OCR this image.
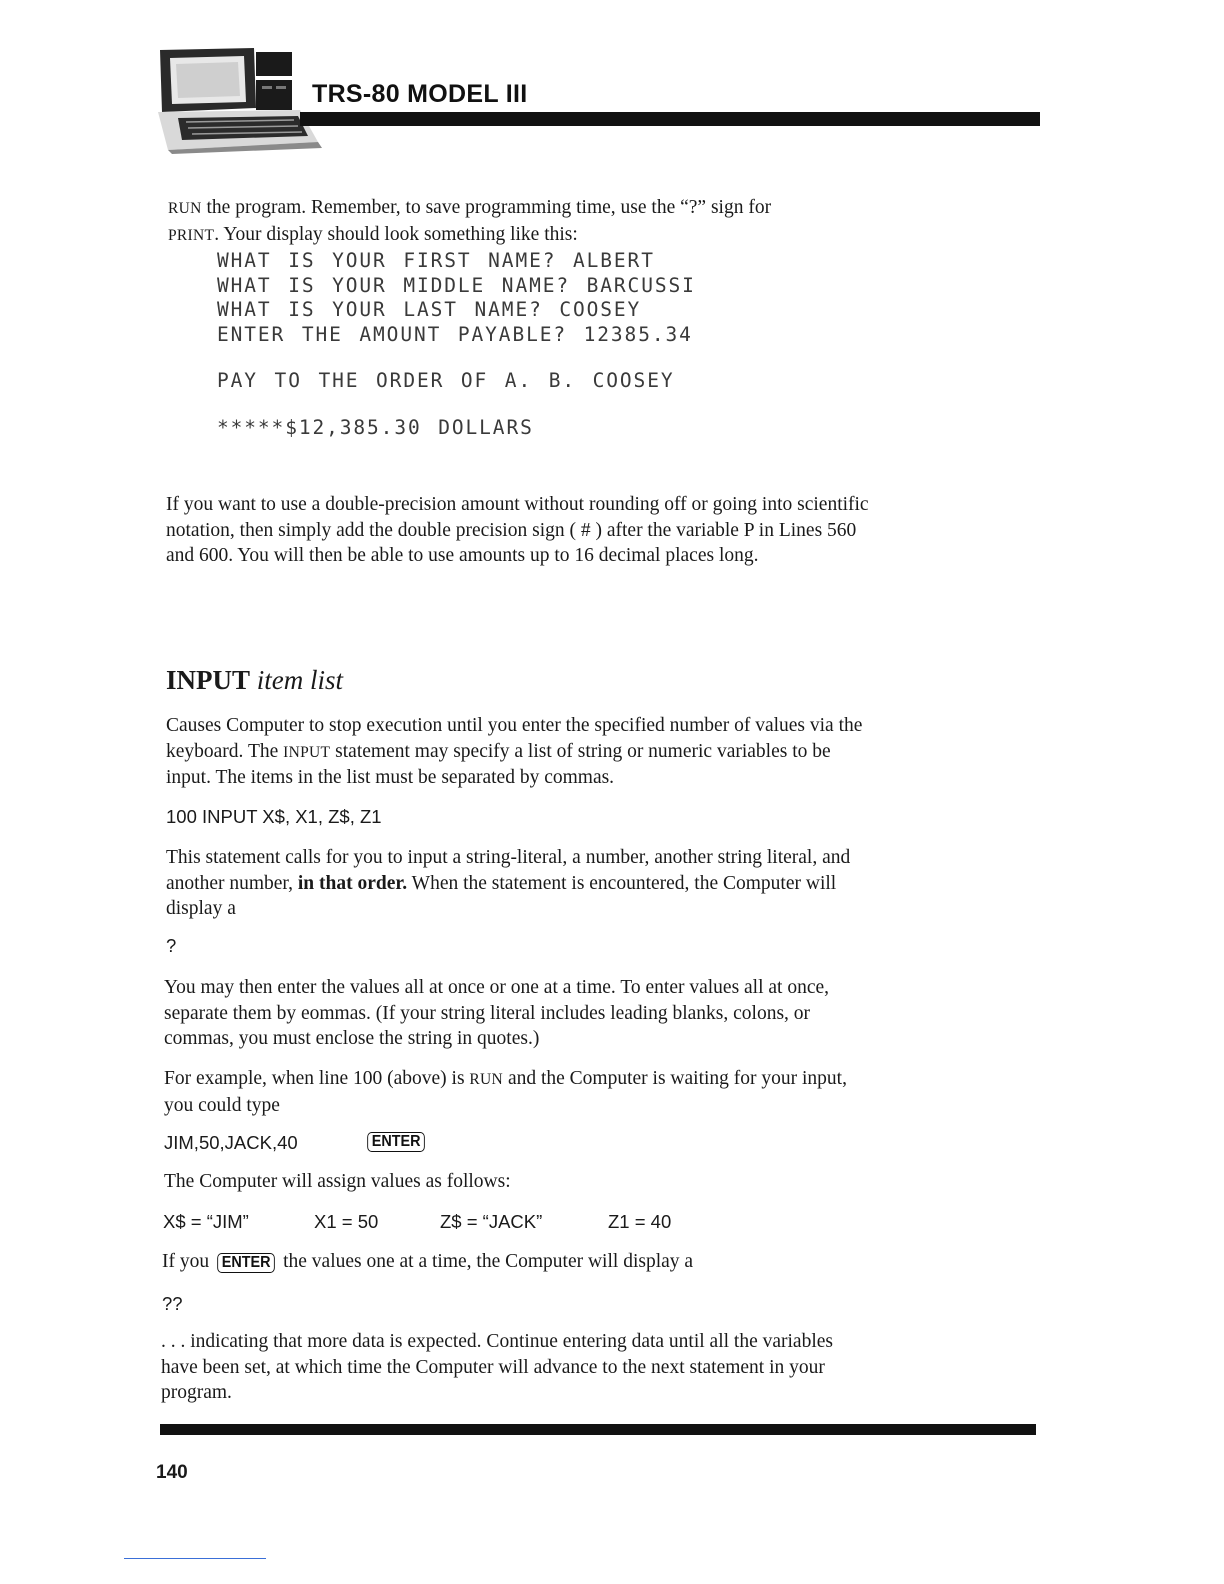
TRS-80 MODEL III

RUN the program. Remember, to save programming time, use the “?” sign for
PRINT. Your display should look something like this:

WHAT IS YOUR FIRST NAME? ALBERT
WHAT IS YOUR MIDDLE NAME? BARCUSSI
WHAT IS YOUR LAST NAME? COOSEY
ENTER THE AMOUNT PAYABLE? 12385.34
PAY TO THE ORDER OF A. B. COOSEY
*****$12,385.30 DOLLARS

If you want to use a double-precision amount without rounding off or going into scientific notation, then simply add the double precision sign ( # ) after the variable P in Lines 560 and 600. You will then be able to use amounts up to 16 decimal places long.

INPUT item list

Causes Computer to stop execution until you enter the specified number of values via the keyboard. The INPUT statement may specify a list of string or numeric variables to be input. The items in the list must be separated by commas.

100 INPUT X$, X1, Z$, Z1

This statement calls for you to input a string-literal, a number, another string literal, and another number, in that order. When the statement is encountered, the Computer will display a

?

You may then enter the values all at once or one at a time. To enter values all at once, separate them by eommas. (If your string literal includes leading blanks, colons, or commas, you must enclose the string in quotes.)

For example, when line 100 (above) is RUN and the Computer is waiting for your input, you could type

JIM,50,JACK,40	ENTER

The Computer will assign values as follows:

X$ = “JIM”	X1 = 50	Z$ = “JACK”	Z1 = 40

If you ENTER the values one at a time, the Computer will display a

??

. . . indicating that more data is expected. Continue entering data until all the variables have been set, at which time the Computer will advance to the next statement in your program.

140
